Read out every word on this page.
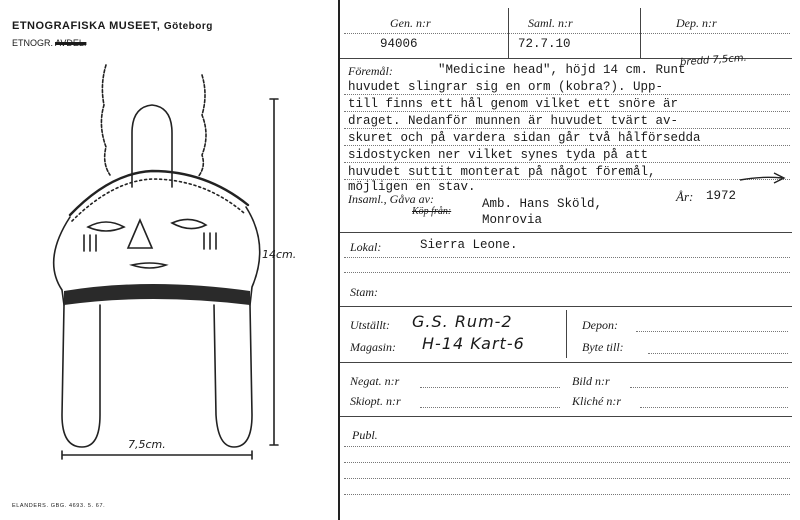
ETNOGRAFISKA MUSEET, Göteborg
ETNOGR. AVDEL.
14cm.
7,5cm.
ELANDERS. GBG. 4693. 5. 67.
Gen. n:r	Saml. n:r	Dep. n:r
94006	72.7.10
bredd 7,5cm.
Föremål:	"Medicine head", höjd 14 cm. Runt
huvudet slingrar sig en orm (kobra?). Upp-
till finns ett hål genom vilket ett snöre är
draget. Nedanför munnen är huvudet tvärt av-
skuret och på vardera sidan går två hålförsedda
sidostycken ner vilket synes tyda på att
huvudet suttit monterat på något föremål,
möjligen en stav.
Insaml., Gåva av:
Köp från:
Amb. Hans Sköld,
Monrovia
År: 1972
Lokal:	Sierra Leone.
Stam:
Utställt: G.S. Rum-2
Magasin: H-14 Kart-6
Depon:
Byte till:
Negat. n:r	Bild n:r
Skiopt. n:r	Kliché n:r
Publ.
